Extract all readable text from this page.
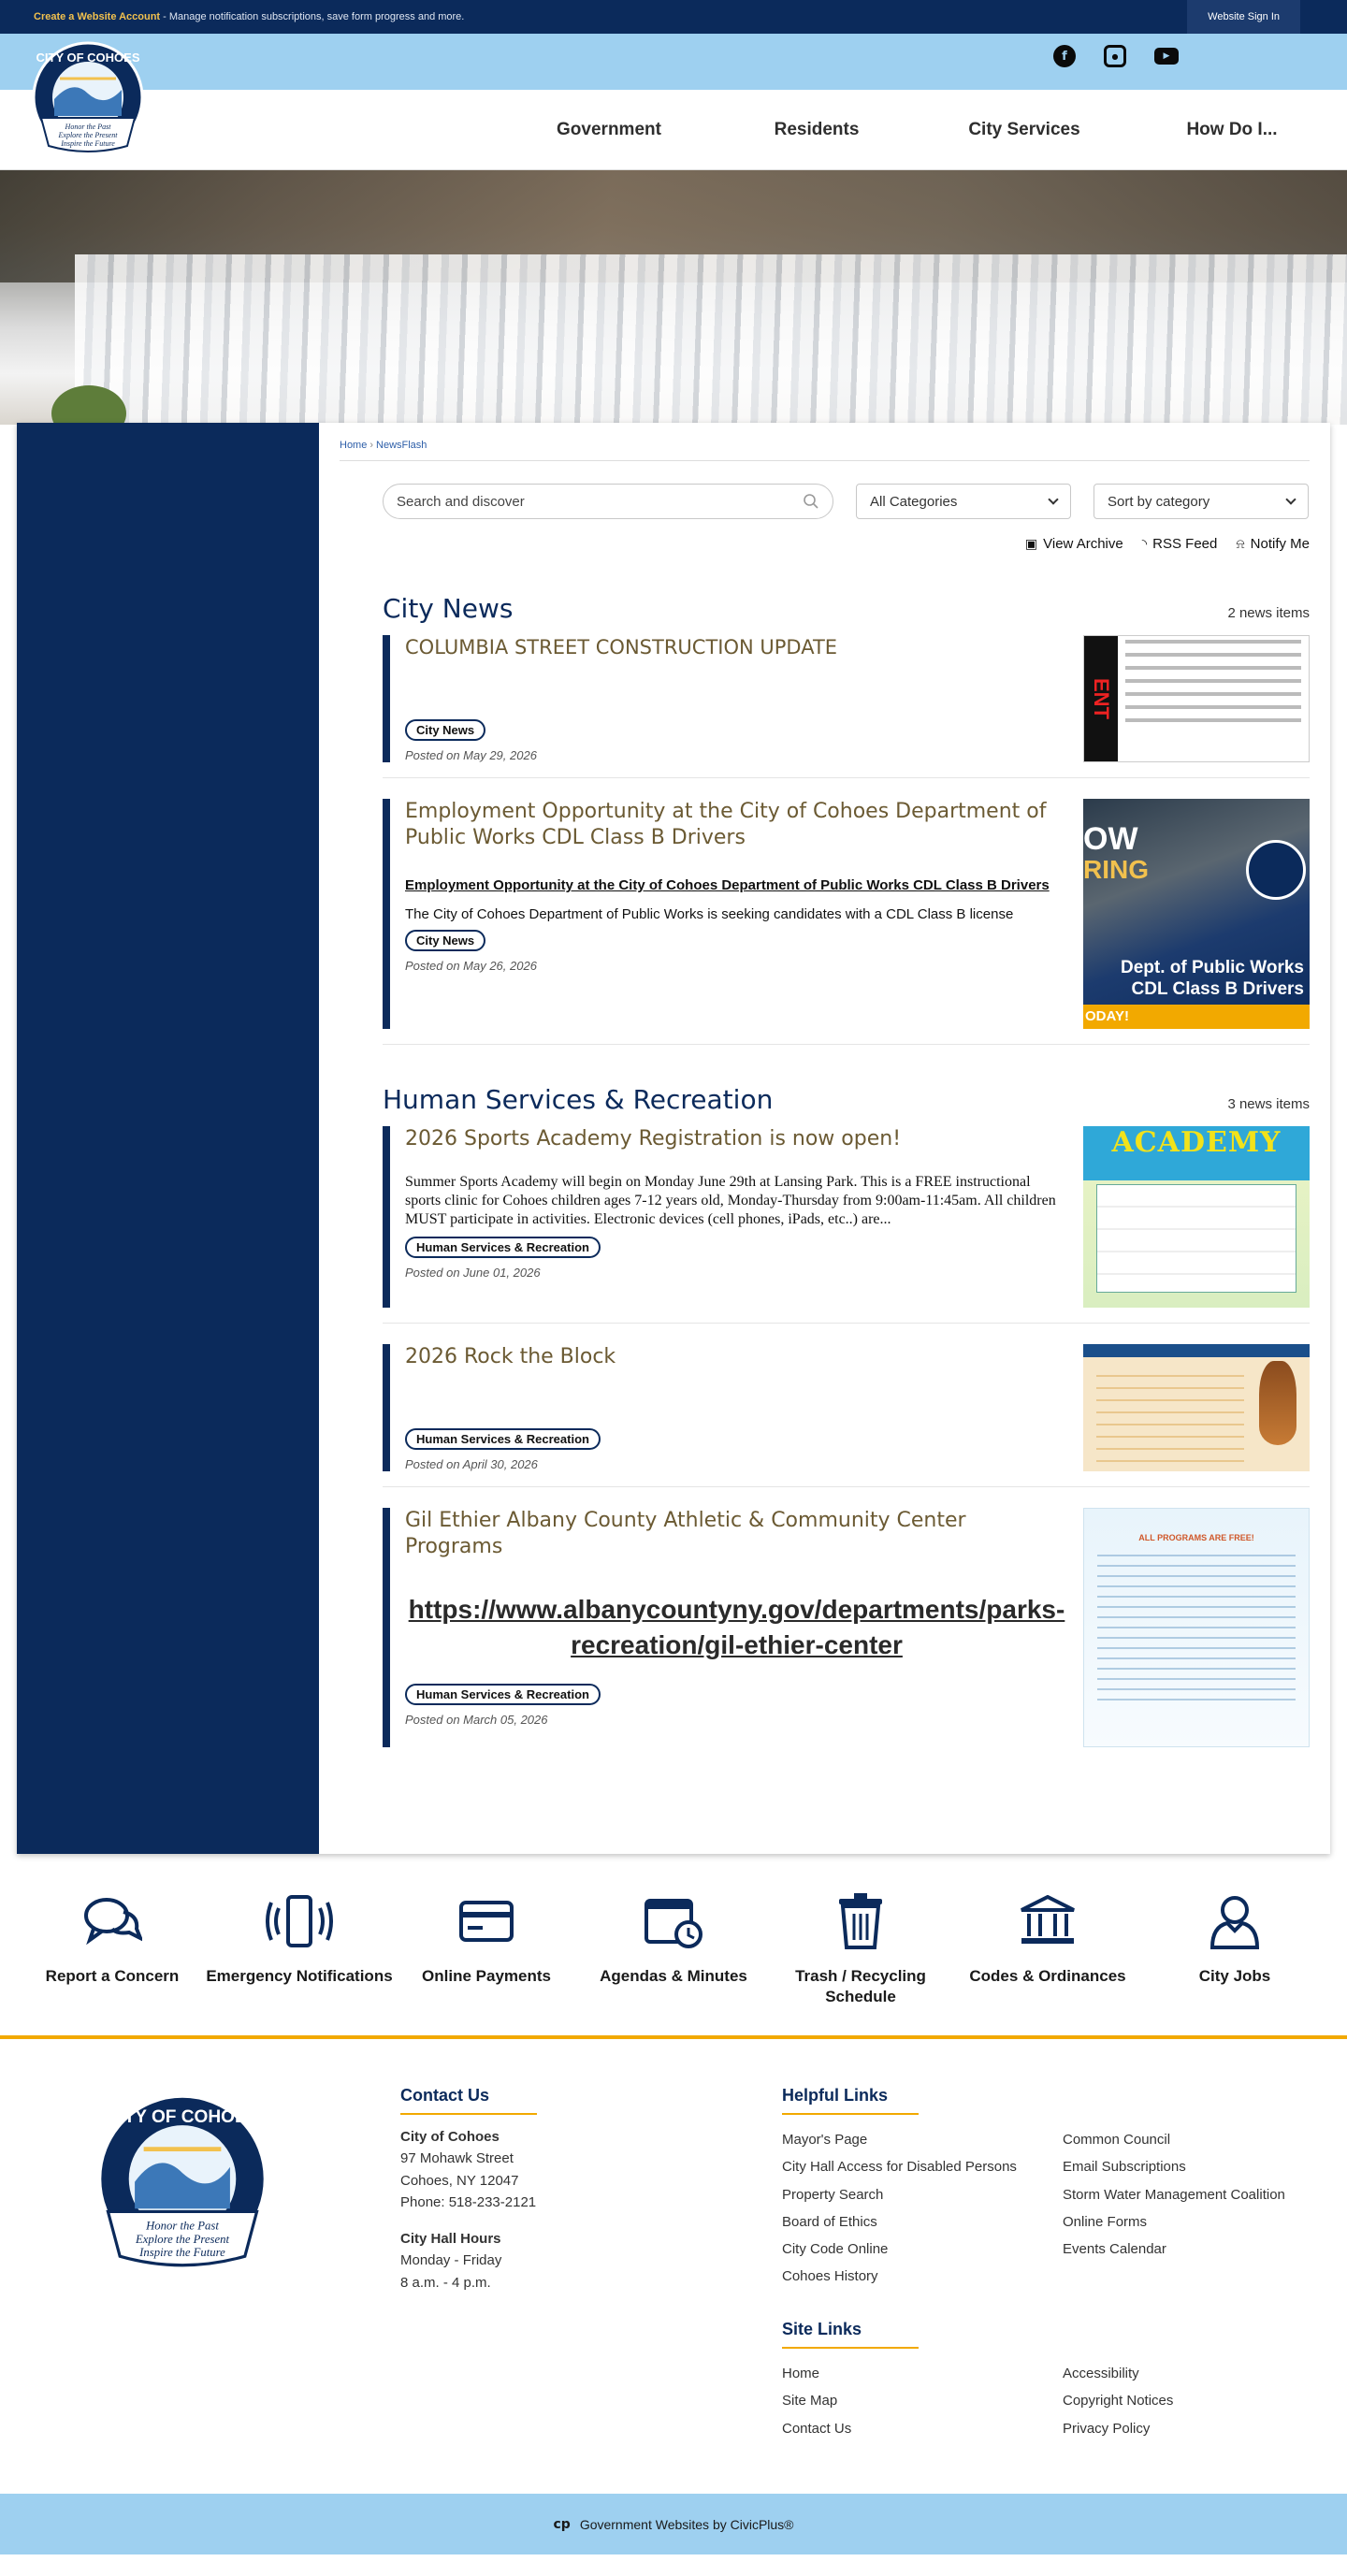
Create a Website Account - Manage notification subscriptions, save form progress and more.	Website Sign In
f	●	▶
CITY OF COHOES
Honor the Past
Explore the Present
Inspire the Future
Government	Residents	City Services	How Do I...
Home › NewsFlash
Search and discover	All Categories	Sort by category
▣ View Archive ◝ RSS Feed ⍾ Notify Me
City News	2 news items
COLUMBIA STREET CONSTRUCTION UPDATE
City News
Posted on May 29, 2026
ENT
Employment Opportunity at the City of Cohoes Department of Public Works CDL Class B Drivers
Employment Opportunity at the City of Cohoes Department of Public Works CDL Class B Drivers
The City of Cohoes Department of Public Works is seeking candidates with a CDL Class B license
City News
Posted on May 26, 2026
OW
RING
Dept. of Public Works
CDL Class B Drivers
ODAY!
Human Services & Recreation	3 news items
2026 Sports Academy Registration is now open!
Summer Sports Academy will begin on Monday June 29th at Lansing Park. This is a FREE instructional sports clinic for Cohoes children ages 7-12 years old, Monday-Thursday from 9:00am-11:45am. All children MUST participate in activities. Electronic devices (cell phones, iPads, etc..) are...
Human Services & Recreation
Posted on June 01, 2026
ACADEMY
2026 Rock the Block
Human Services & Recreation
Posted on April 30, 2026
Gil Ethier Albany County Athletic & Community Center Programs
https://www.albanycountyny.gov/departments/parks-recreation/gil-ethier-center
Human Services & Recreation
Posted on March 05, 2026
ALL PROGRAMS ARE FREE!
Report a Concern	Emergency Notifications	Online Payments	Agendas & Minutes	Trash / Recycling Schedule
Codes & Ordinances	City Jobs
CITY OF COHOES
Honor the Past
Explore the Present
Inspire the Future
Contact Us

City of Cohoes

97 Mohawk Street

Cohoes, NY 12047

Phone: 518-233-2121

City Hall Hours

Monday - Friday

8 a.m. - 4 p.m.

Helpful Links
Mayor's Page
City Hall Access for Disabled Persons
Property Search
Board of Ethics
City Code Online
Cohoes History
Common Council
Email Subscriptions
Storm Water Management Coalition
Online Forms
Events Calendar
Site Links
Home
Site Map
Contact Us
Accessibility
Copyright Notices
Privacy Policy
cp Government Websites by CivicPlus®
